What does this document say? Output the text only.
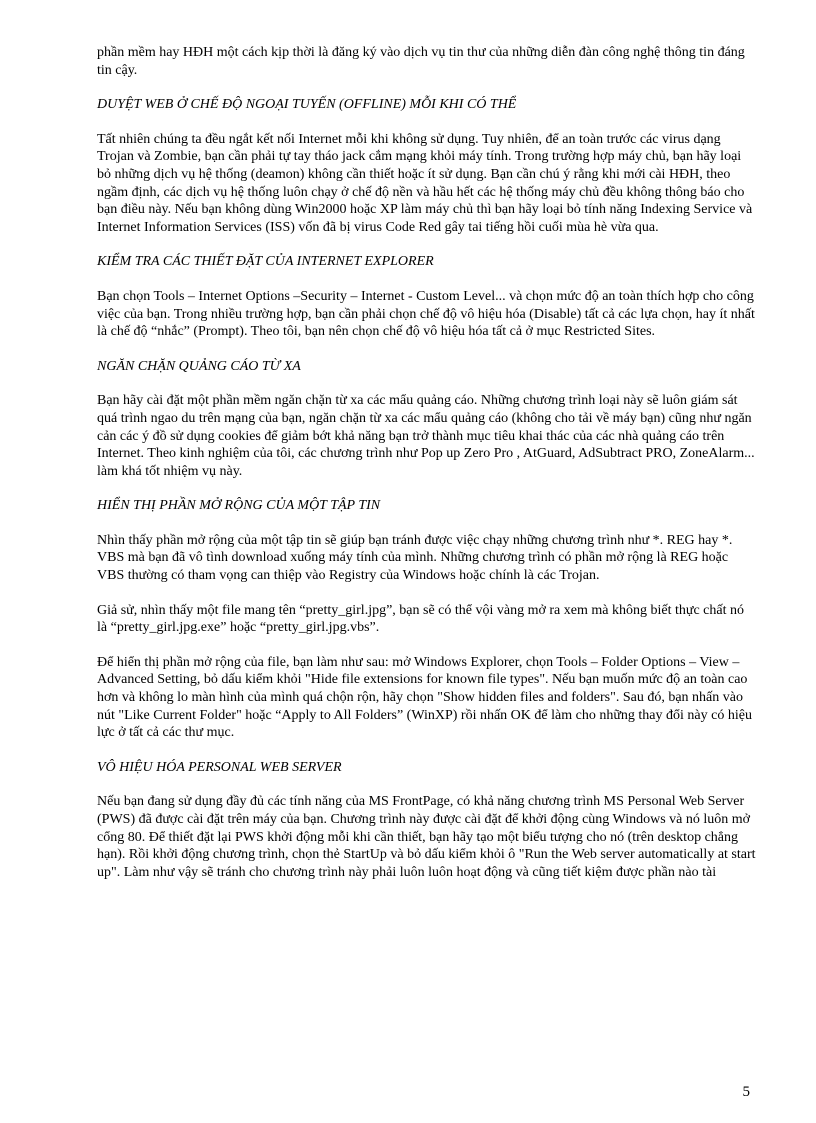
phần mềm hay HĐH một cách kịp thời là đăng ký vào dịch vụ tin thư của những diễn đàn công nghệ thông tin đáng tin cậy.

DUYỆT WEB Ở CHẾ ĐỘ NGOẠI TUYẾN (OFFLINE) MỖI KHI CÓ THỂ

Tất nhiên chúng ta đều ngắt kết nối Internet mỗi khi không sử dụng. Tuy nhiên, để an toàn trước các virus dạng Trojan và Zombie, bạn cần phải tự tay tháo jack cắm mạng khỏi máy tính. Trong trường hợp máy chủ, bạn hãy loại bỏ những dịch vụ hệ thống (deamon) không cần thiết hoặc ít sử dụng. Bạn cần chú ý rằng khi mới cài HĐH, theo ngầm định, các dịch vụ hệ thống luôn chạy ở chế độ nền và hầu hết các hệ thống máy chủ đều không thông báo cho bạn điều này. Nếu bạn không dùng Win2000 hoặc XP làm máy chủ thì bạn hãy loại bỏ tính năng Indexing Service và Internet Information Services (ISS) vốn đã bị virus Code Red gây tai tiếng hồi cuối mùa hè vừa qua.

KIỂM TRA CÁC THIẾT ĐẶT CỦA INTERNET EXPLORER

Bạn chọn Tools – Internet Options –Security – Internet - Custom Level... và chọn mức độ an toàn thích hợp cho công việc của bạn. Trong nhiều trường hợp, bạn cần phải chọn chế độ vô hiệu hóa (Disable) tất cả các lựa chọn, hay ít nhất là chế độ “nhắc” (Prompt). Theo tôi, bạn nên chọn chế độ vô hiệu hóa tất cả ở mục Restricted Sites.

NGĂN CHẶN QUẢNG CÁO TỪ XA

Bạn hãy cài đặt một phần mềm ngăn chặn từ xa các mẩu quảng cáo. Những chương trình loại này sẽ luôn giám sát quá trình ngao du trên mạng của bạn, ngăn chặn từ xa các mẩu quảng cáo (không cho tải về máy bạn) cũng như ngăn cản các ý đồ sử dụng cookies để giảm bớt khả năng bạn trở thành mục tiêu khai thác của các nhà quảng cáo trên Internet. Theo kinh nghiệm của tôi, các chương trình như Pop up Zero Pro , AtGuard, AdSubtract PRO, ZoneAlarm... làm khá tốt nhiệm vụ này.

HIỂN THỊ PHẦN MỞ RỘNG CỦA MỘT TẬP TIN

Nhìn thấy phần mở rộng của một tập tin sẽ giúp bạn tránh được việc chạy những chương trình như *. REG hay *. VBS mà bạn đã vô tình download xuống máy tính của mình. Những chương trình có phần mở rộng là REG hoặc VBS thường có tham vọng can thiệp vào Registry của Windows hoặc chính là các Trojan.

Giả sử, nhìn thấy một file mang tên “pretty_girl.jpg”, bạn sẽ có thể vội vàng mở ra xem mà không biết thực chất nó là “pretty_girl.jpg.exe” hoặc “pretty_girl.jpg.vbs”.

Để hiển thị phần mở rộng của file, bạn làm như sau: mở Windows Explorer, chọn Tools – Folder Options – View – Advanced Setting, bỏ dấu kiểm khỏi "Hide file extensions for known file types". Nếu bạn muốn mức độ an toàn cao hơn và không lo màn hình của mình quá chộn rộn, hãy chọn "Show hidden files and folders". Sau đó, bạn nhấn vào nút "Like Current Folder" hoặc “Apply to All Folders” (WinXP) rồi nhấn OK để làm cho những thay đổi này có hiệu lực ở tất cả các thư mục.

VÔ HIỆU HÓA PERSONAL WEB SERVER

Nếu bạn đang sử dụng đầy đủ các tính năng của MS FrontPage, có khả năng chương trình MS Personal Web Server (PWS) đã được cài đặt trên máy của bạn. Chương trình này được cài đặt để khởi động cùng Windows và nó luôn mở cổng 80. Để thiết đặt lại PWS khởi động mỗi khi cần thiết, bạn hãy tạo một biểu tượng cho nó (trên desktop chẳng hạn). Rồi khởi động chương trình, chọn thẻ StartUp và bỏ dấu kiểm khỏi ô "Run the Web server automatically at start up". Làm như vậy sẽ tránh cho chương trình này phải luôn luôn hoạt động và cũng tiết kiệm được phần nào tài

5
